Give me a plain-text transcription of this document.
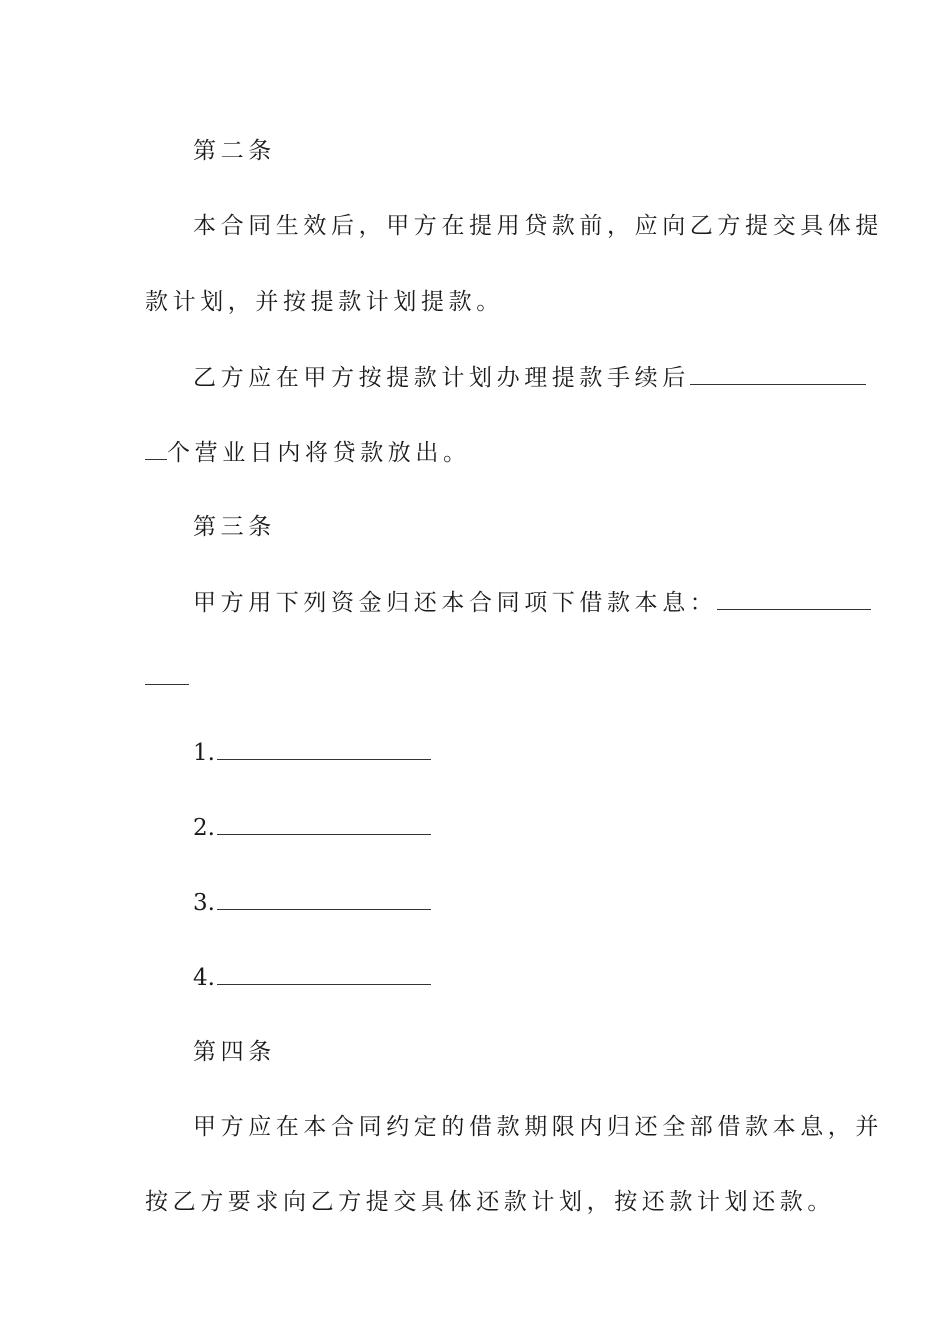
第二条
本合同生效后，甲方在提用贷款前，应向乙方提交具体提
款计划，并按提款计划提款。
乙方应在甲方按提款计划办理提款手续后
个营业日内将贷款放出。
第三条
甲方用下列资金归还本合同项下借款本息：
1.
2.
3.
4.
第四条
甲方应在本合同约定的借款期限内归还全部借款本息，并
按乙方要求向乙方提交具体还款计划，按还款计划还款。
